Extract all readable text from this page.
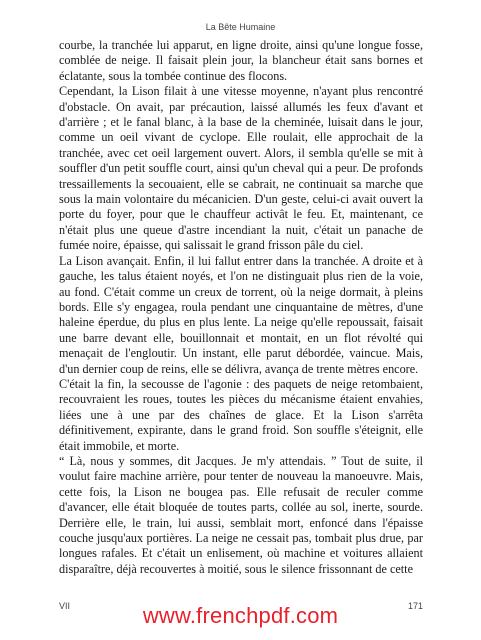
La Bête Humaine

courbe, la tranchée lui apparut, en ligne droite, ainsi qu'une longue fosse, comblée de neige. Il faisait plein jour, la blancheur était sans bornes et éclatante, sous la tombée continue des flocons.

Cependant, la Lison filait à une vitesse moyenne, n'ayant plus rencontré d'obstacle. On avait, par précaution, laissé allumés les feux d'avant et d'arrière ; et le fanal blanc, à la base de la cheminée, luisait dans le jour, comme un oeil vivant de cyclope. Elle roulait, elle approchait de la tranchée, avec cet oeil largement ouvert. Alors, il sembla qu'elle se mit à souffler d'un petit souffle court, ainsi qu'un cheval qui a peur. De profonds tressaillements la secouaient, elle se cabrait, ne continuait sa marche que sous la main volontaire du mécanicien. D'un geste, celui-ci avait ouvert la porte du foyer, pour que le chauffeur activât le feu. Et, maintenant, ce n'était plus une queue d'astre incendiant la nuit, c'était un panache de fumée noire, épaisse, qui salissait le grand frisson pâle du ciel.

La Lison avançait. Enfin, il lui fallut entrer dans la tranchée. A droite et à gauche, les talus étaient noyés, et l'on ne distinguait plus rien de la voie, au fond. C'était comme un creux de torrent, où la neige dormait, à pleins bords. Elle s'y engagea, roula pendant une cinquantaine de mètres, d'une haleine éperdue, du plus en plus lente. La neige qu'elle repoussait, faisait une barre devant elle, bouillonnait et montait, en un flot révolté qui menaçait de l'engloutir. Un instant, elle parut débordée, vaincue. Mais, d'un dernier coup de reins, elle se délivra, avança de trente mètres encore.

C'était la fin, la secousse de l'agonie : des paquets de neige retombaient, recouvraient les roues, toutes les pièces du mécanisme étaient envahies, liées une à une par des chaînes de glace. Et la Lison s'arrêta définitivement, expirante, dans le grand froid. Son souffle s'éteignit, elle était immobile, et morte.

“ Là, nous y sommes, dit Jacques. Je m'y attendais. ” Tout de suite, il voulut faire machine arrière, pour tenter de nouveau la manoeuvre. Mais, cette fois, la Lison ne bougea pas. Elle refusait de reculer comme d'avancer, elle était bloquée de toutes parts, collée au sol, inerte, sourde. Derrière elle, le train, lui aussi, semblait mort, enfoncé dans l'épaisse couche jusqu'aux portières. La neige ne cessait pas, tombait plus drue, par longues rafales. Et c'était un enlisement, où machine et voitures allaient disparaître, déjà recouvertes à moitié, sous le silence frissonnant de cette

VII	171
www.frenchpdf.com
